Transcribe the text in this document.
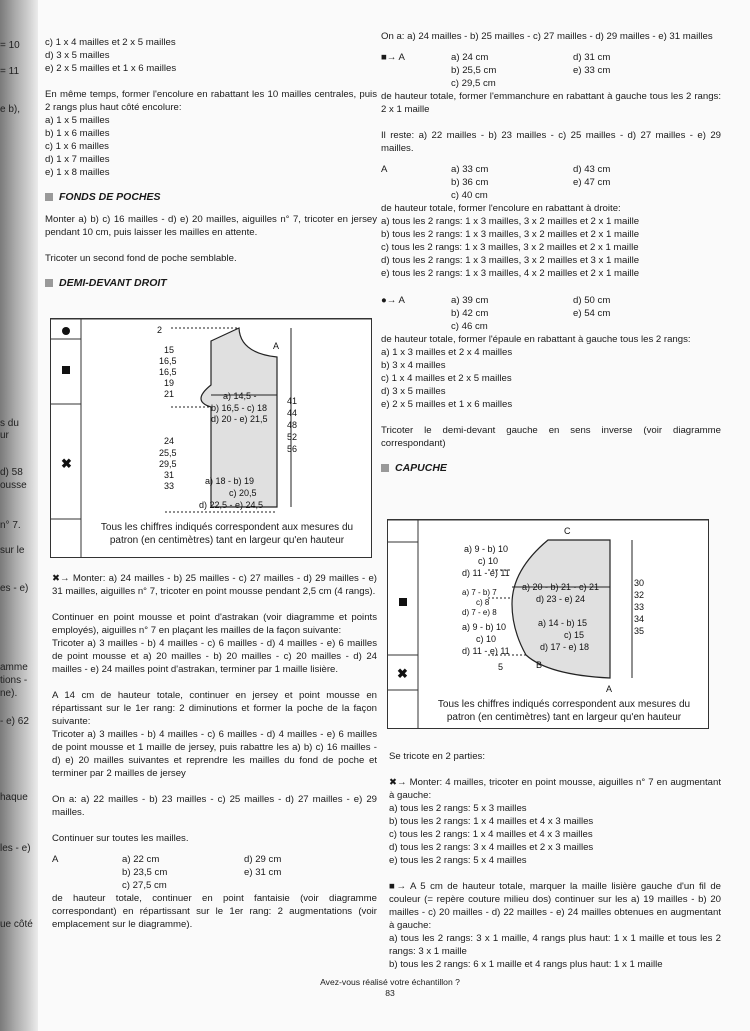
= 10
= 11
e b),
s du
ur
d) 58
ousse
n° 7.
sur le
es - e)
amme
tions -
ne).
- e) 62
haque
les - e)
ue côté

c) 1 x 4 mailles et 2 x 5 mailles

d) 3 x 5 mailles

e) 2 x 5 mailles et 1 x 6 mailles

En même temps, former l'encolure en rabattant les 10 mailles centrales, puis 2 rangs plus haut côté encolure:

a) 1 x 5 mailles

b) 1 x 6 mailles

c) 1 x 6 mailles

d) 1 x 7 mailles

e) 1 x 8 mailles

FONDS DE POCHES

Monter a) b) c) 16 mailles - d) e) 20 mailles, aiguilles n° 7, tricoter en jersey pendant 10 cm, puis laisser les mailles en attente.

Tricoter un second fond de poche semblable.

DEMI-DEVANT DROIT

✖→ Monter: a) 24 mailles - b) 25 mailles - c) 27 mailles - d) 29 mailles - e) 31 mailles, aiguilles n° 7, tricoter en point mousse pendant 2,5 cm (4 rangs).

Continuer en point mousse et point d'astrakan (voir diagramme et points employés), aiguilles n° 7 en plaçant les mailles de la façon suivante:

Tricoter a) 3 mailles - b) 4 mailles - c) 6 mailles - d) 4 mailles - e) 6 mailles de point mousse et a) 20 mailles - b) 20 mailles - c) 20 mailles - d) 24 mailles - e) 24 mailles point d'astrakan, terminer par 1 maille lisière.

A 14 cm de hauteur totale, continuer en jersey et point mousse en répartissant sur le 1er rang: 2 diminutions et former la poche de la façon suivante:

Tricoter a) 3 mailles - b) 4 mailles - c) 6 mailles - d) 4 mailles - e) 6 mailles de point mousse et 1 maille de jersey, puis rabattre les a) b) c) 16 mailles - d) e) 20 mailles suivantes et reprendre les mailles du fond de poche et terminer par 2 mailles de jersey

On a: a) 22 mailles - b) 23 mailles - c) 25 mailles - d) 27 mailles - e) 29 mailles.

Continuer sur toutes les mailles.

A	a) 22 cm	d) 29 cm
b) 23,5 cm	e) 31 cm
c) 27,5 cm

de hauteur totale, continuer en point fantaisie (voir diagramme correspondant) en répartissant sur le 1er rang: 2 augmentations (voir emplacement sur le diagramme).

✖
2
A
15
16,5
16,5
19
21
24
25,5
29,5
31
33
41
44
48
52
56
a) 14,5 -
b) 16,5 - c) 18
d) 20 - e) 21,5
a) 18 - b) 19
c) 20,5
d) 22,5 - e) 24,5
Tous les chiffres indiqués correspondent aux mesures du
patron (en centimètres) tant en largeur qu'en hauteur

On a: a) 24 mailles - b) 25 mailles - c) 27 mailles - d) 29 mailles - e) 31 mailles

■→ A	a) 24 cm	d) 31 cm
b) 25,5 cm	e) 33 cm
c) 29,5 cm

de hauteur totale, former l'emmanchure en rabattant à gauche tous les 2 rangs: 2 x 1 maille

Il reste: a) 22 mailles - b) 23 mailles - c) 25 mailles - d) 27 mailles - e) 29 mailles.

A	a) 33 cm	d) 43 cm
b) 36 cm	e) 47 cm
c) 40 cm

de hauteur totale, former l'encolure en rabattant à droite:

a) tous les 2 rangs: 1 x 3 mailles, 3 x 2 mailles et 2 x 1 maille

b) tous les 2 rangs: 1 x 3 mailles, 3 x 2 mailles et 2 x 1 maille

c) tous les 2 rangs: 1 x 3 mailles, 3 x 2 mailles et 2 x 1 maille

d) tous les 2 rangs: 1 x 3 mailles, 3 x 2 mailles et 3 x 1 maille

e) tous les 2 rangs: 1 x 3 mailles, 4 x 2 mailles et 2 x 1 maille

●→ A	a) 39 cm	d) 50 cm
b) 42 cm	e) 54 cm
c) 46 cm

de hauteur totale, former l'épaule en rabattant à gauche tous les 2 rangs:

a) 1 x 3 mailles et 2 x 4 mailles

b) 3 x 4 mailles

c) 1 x 4 mailles et 2 x 5 mailles

d) 3 x 5 mailles

e) 2 x 5 mailles et 1 x 6 mailles

Tricoter le demi-devant gauche en sens inverse (voir diagramme correspondant)

CAPUCHE

Se tricote en 2 parties:

✖→ Monter: 4 mailles, tricoter en point mousse, aiguilles n° 7 en augmentant à gauche:

a) tous les 2 rangs: 5 x 3 mailles

b) tous les 2 rangs: 1 x 4 mailles et 4 x 3 mailles

c) tous les 2 rangs: 1 x 4 mailles et 4 x 3 mailles

d) tous les 2 rangs: 3 x 4 mailles et 2 x 3 mailles

e) tous les 2 rangs: 5 x 4 mailles

■→ A 5 cm de hauteur totale, marquer la maille lisière gauche d'un fil de couleur (= repère couture milieu dos) continuer sur les a) 19 mailles - b) 20 mailles - c) 20 mailles - d) 22 mailles - e) 24 mailles obtenues en augmentant à gauche:

a) tous les 2 rangs: 3 x 1 maille, 4 rangs plus haut: 1 x 1 maille et tous les 2 rangs: 3 x 1 maille

b) tous les 2 rangs: 6 x 1 maille et 4 rangs plus haut: 1 x 1 maille

✖
C
B
A
5
a) 9 - b) 10
c) 10
d) 11 - e) 11
a) 7 - b) 7
c) 8
d) 7 - e) 8
a) 9 - b) 10
c) 10
d) 11 - e) 11
a) 20 - b) 21 - c) 21
d) 23 - e) 24
a) 14 - b) 15
c) 15
d) 17 - e) 18
30
32
33
34
35
Tous les chiffres indiqués correspondent aux mesures du
patron (en centimètres) tant en largeur qu'en hauteur
Avez-vous réalisé votre échantillon ?
83
